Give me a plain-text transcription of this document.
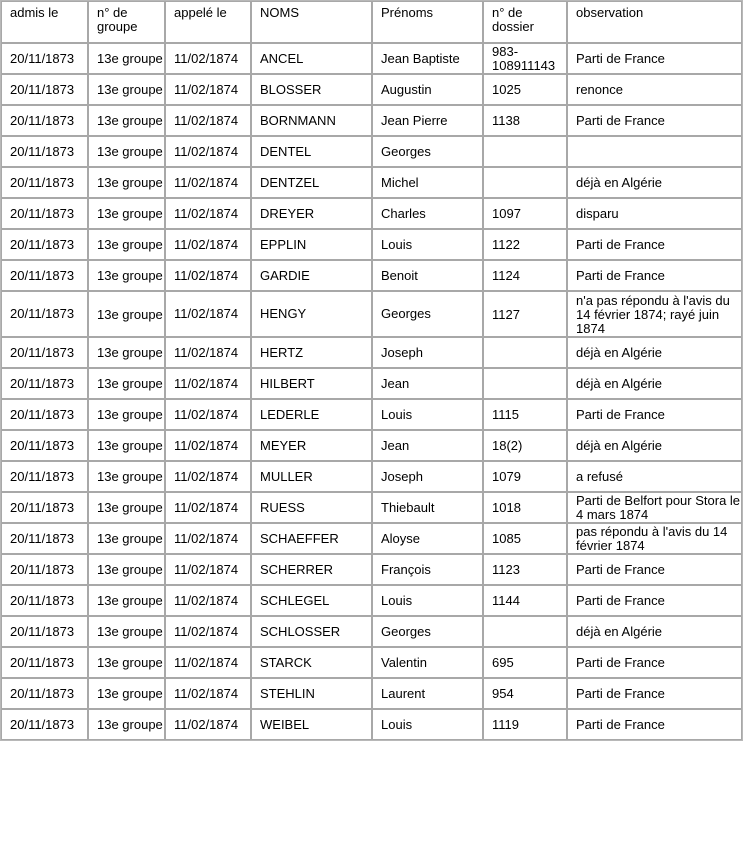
admis le	n° de groupe	appelé le	NOMS	Prénoms	n° de dossier	observation
20/11/1873	13e groupe	11/02/1874	ANCEL	Jean Baptiste	983-108911143	Parti de France
20/11/1873	13e groupe	11/02/1874	BLOSSER	Augustin	1025	renonce
20/11/1873	13e groupe	11/02/1874	BORNMANN	Jean Pierre	1138	Parti de France
20/11/1873	13e groupe	11/02/1874	DENTEL	Georges		
20/11/1873	13e groupe	11/02/1874	DENTZEL	Michel		déjà en Algérie
20/11/1873	13e groupe	11/02/1874	DREYER	Charles	1097	disparu
20/11/1873	13e groupe	11/02/1874	EPPLIN	Louis	1122	Parti de France
20/11/1873	13e groupe	11/02/1874	GARDIE	Benoit	1124	Parti de France
20/11/1873	13e groupe	11/02/1874	HENGY	Georges	1127	n'a pas répondu à l'avis du 14 février 1874; rayé juin 1874
20/11/1873	13e groupe	11/02/1874	HERTZ	Joseph		déjà en Algérie
20/11/1873	13e groupe	11/02/1874	HILBERT	Jean		déjà en Algérie
20/11/1873	13e groupe	11/02/1874	LEDERLE	Louis	1115	Parti de France
20/11/1873	13e groupe	11/02/1874	MEYER	Jean	18(2)	déjà en Algérie
20/11/1873	13e groupe	11/02/1874	MULLER	Joseph	1079	a refusé
20/11/1873	13e groupe	11/02/1874	RUESS	Thiebault	1018	Parti de Belfort pour Stora le 4 mars 1874
20/11/1873	13e groupe	11/02/1874	SCHAEFFER	Aloyse	1085	pas répondu à l'avis du 14 février 1874
20/11/1873	13e groupe	11/02/1874	SCHERRER	François	1123	Parti de France
20/11/1873	13e groupe	11/02/1874	SCHLEGEL	Louis	1144	Parti de France
20/11/1873	13e groupe	11/02/1874	SCHLOSSER	Georges		déjà en Algérie
20/11/1873	13e groupe	11/02/1874	STARCK	Valentin	695	Parti de France
20/11/1873	13e groupe	11/02/1874	STEHLIN	Laurent	954	Parti de France
20/11/1873	13e groupe	11/02/1874	WEIBEL	Louis	1119	Parti de France
